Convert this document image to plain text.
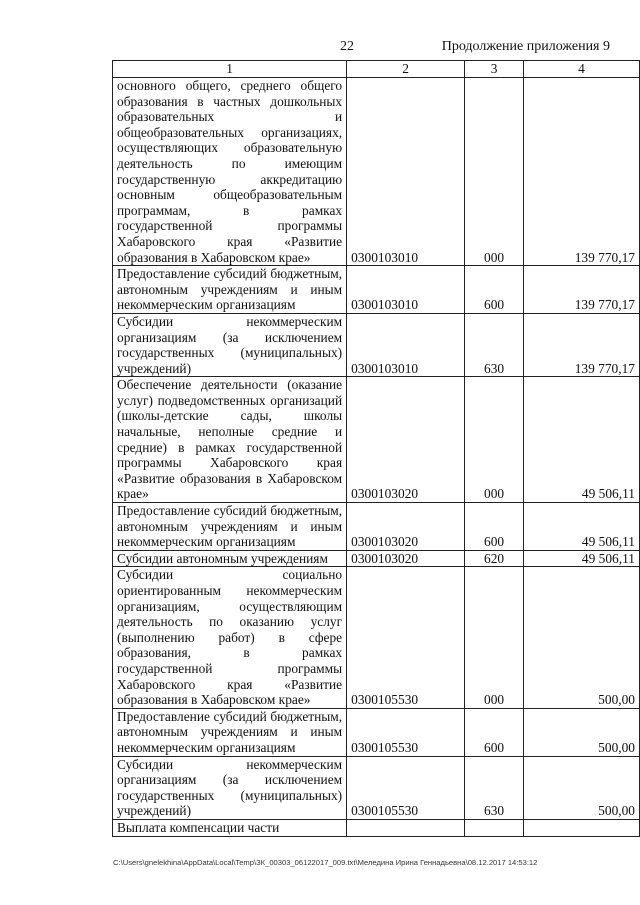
22	Продолжение приложения 9
1	2	3	4
основного общего, среднего общего образования в частных дошкольных образовательных и общеобразовательных организациях, осуществляющих образовательную деятельность по имеющим государственную аккредитацию основным общеобразовательным программам, в рамках государственной программы Хабаровского края «Развитие образования в Хабаровском крае»	0300103010	000	139 770,17
Предоставление субсидий бюджетным, автономным учреждениям и иным некоммерческим организациям	0300103010	600	139 770,17
Субсидии некоммерческим организациям (за исключением государственных (муниципальных) учреждений)	0300103010	630	139 770,17
Обеспечение деятельности (оказание услуг) подведомственных организаций (школы-детские сады, школы начальные, неполные средние и средние) в рамках государственной программы Хабаровского края «Развитие образования в Хабаровском крае»	0300103020	000	49 506,11
Предоставление субсидий бюджетным, автономным учреждениям и иным некоммерческим организациям	0300103020	600	49 506,11
Субсидии автономным учреждениям	0300103020	620	49 506,11
Субсидии социально ориентированным некоммерческим организациям, осуществляющим деятельность по оказанию услуг (выполнению работ) в сфере образования, в рамках государственной программы Хабаровского края «Развитие образования в Хабаровском крае»	0300105530	000	500,00
Предоставление субсидий бюджетным, автономным учреждениям и иным некоммерческим организациям	0300105530	600	500,00
Субсидии некоммерческим организациям (за исключением государственных (муниципальных) учреждений)	0300105530	630	500,00
Выплата компенсации части			
C:\Users\gnelekhina\AppData\Local\Temp\ЗК_00303_06122017_009.txt\Меледина Ирина Геннадьевна\08.12.2017 14:53:12
